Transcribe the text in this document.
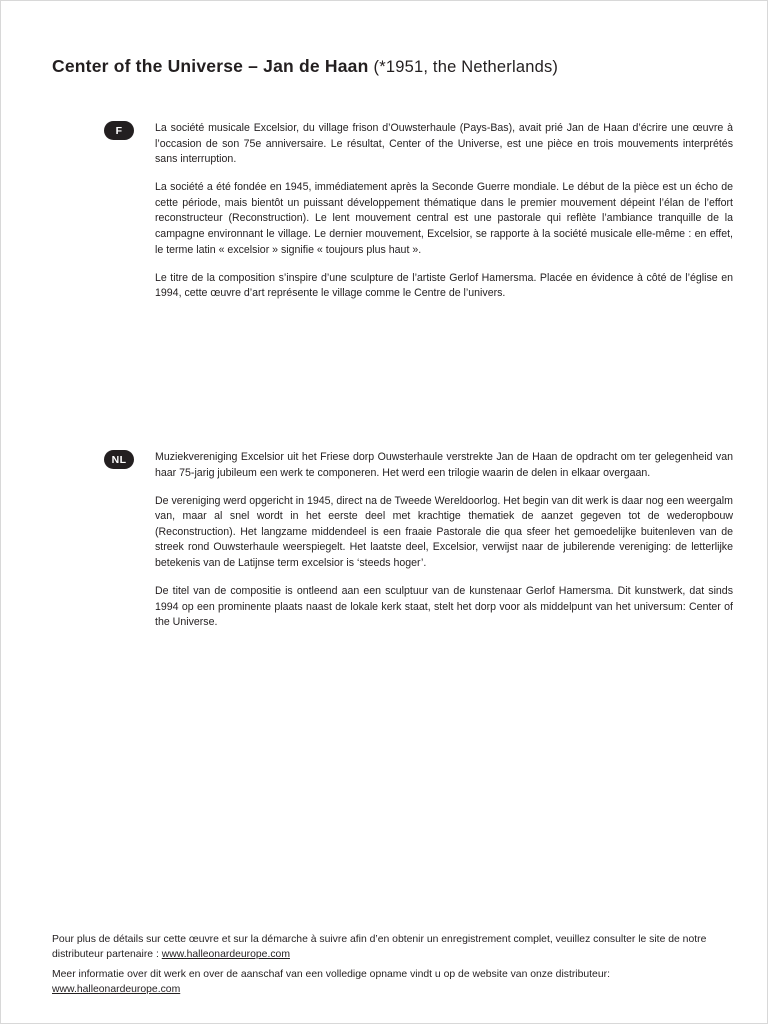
Center of the Universe – Jan de Haan (*1951, the Netherlands)
F	La société musicale Excelsior, du village frison d’Ouwsterhaule (Pays-Bas), avait prié Jan de Haan d’écrire une œuvre à l’occasion de son 75e anniversaire. Le résultat, Center of the Universe, est une pièce en trois mouvements interprétés sans interruption.

La société a été fondée en 1945, immédiatement après la Seconde Guerre mondiale. Le début de la pièce est un écho de cette période, mais bientôt un puissant développement thématique dans le premier mouvement dépeint l’élan de l’effort reconstructeur (Reconstruction). Le lent mouvement central est une pastorale qui reflète l’ambiance tranquille de la campagne environnant le village. Le dernier mouvement, Excelsior, se rapporte à la société musicale elle-même : en effet, le terme latin « excelsior » signifie « toujours plus haut ».

Le titre de la composition s’inspire d’une sculpture de l’artiste Gerlof Hamersma. Placée en évidence à côté de l’église en 1994, cette œuvre d’art représente le village comme le Centre de l’univers.

NL	Muziekvereniging Excelsior uit het Friese dorp Ouwsterhaule verstrekte Jan de Haan de opdracht om ter gelegenheid van haar 75-jarig jubileum een werk te componeren. Het werd een trilogie waarin de delen in elkaar overgaan.

De vereniging werd opgericht in 1945, direct na de Tweede Wereldoorlog. Het begin van dit werk is daar nog een weergalm van, maar al snel wordt in het eerste deel met krachtige thematiek de aanzet gegeven tot de wederopbouw (Reconstruction). Het langzame middendeel is een fraaie Pastorale die qua sfeer het gemoedelijke buitenleven van de streek rond Ouwsterhaule weerspiegelt. Het laatste deel, Excelsior, verwijst naar de jubilerende vereniging: de letterlijke betekenis van de Latijnse term excelsior is ‘steeds hoger’.

De titel van de compositie is ontleend aan een sculptuur van de kunstenaar Gerlof Hamersma. Dit kunstwerk, dat sinds 1994 op een prominente plaats naast de lokale kerk staat, stelt het dorp voor als middelpunt van het universum: Center of the Universe.

Pour plus de détails sur cette œuvre et sur la démarche à suivre afin d’en obtenir un enregistrement complet, veuillez consulter le site de notre distributeur partenaire : www.halleonardeurope.com
Meer informatie over dit werk en over de aanschaf van een volledige opname vindt u op de website van onze distributeur: www.halleonardeurope.com
